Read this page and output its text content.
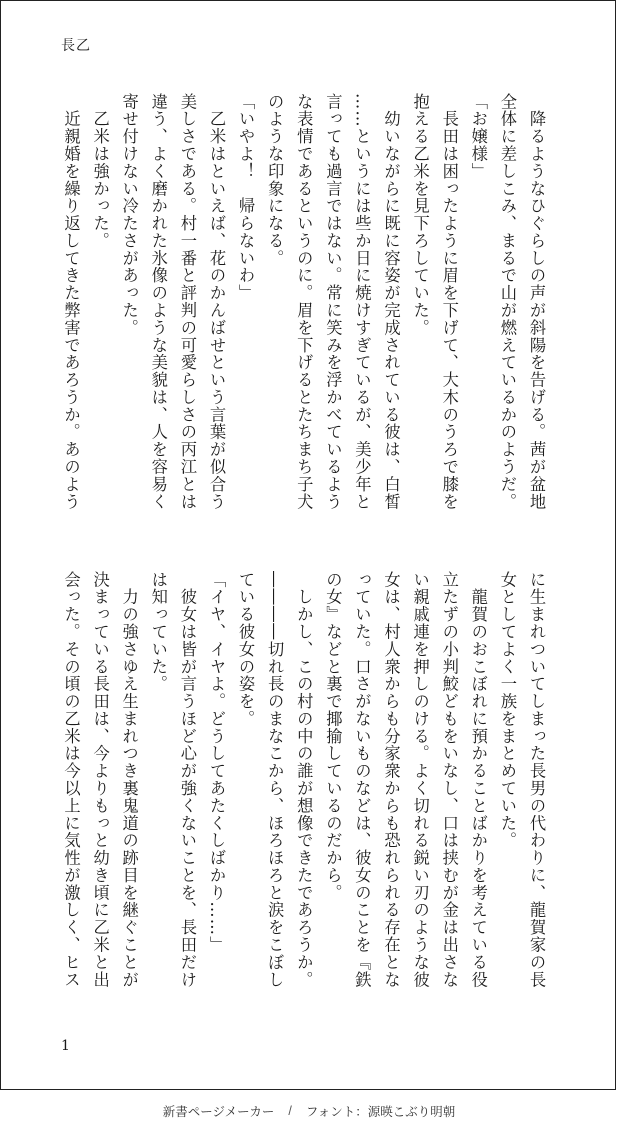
長乙
　降るようなひぐらしの声が斜陽を告げる。茜が盆地
全体に差しこみ、まるで山が燃えているかのようだ。
「お嬢様」
　長田は困ったように眉を下げて、大木のうろで膝を
抱える乙米を見下ろしていた。
　幼いながらに既に容姿が完成されている彼は、白皙
……というには些か日に焼けすぎているが、美少年と
言っても過言ではない。常に笑みを浮かべているよう
な表情であるというのに。眉を下げるとたちまち子犬
のような印象になる。
「いやよ！　帰らないわ」
　乙米はといえば、花のかんばせという言葉が似合う
美しさである。村一番と評判の可愛らしさの丙江とは
違う、よく磨かれた氷像のような美貌は、人を容易く
寄せ付けない冷たさがあった。
　乙米は強かった。
　近親婚を繰り返してきた弊害であろうか。あのよう
に生まれついてしまった長男の代わりに、龍賀家の長
女としてよく一族をまとめていた。
　龍賀のおこぼれに預かることばかりを考えている役
立たずの小判鮫どもをいなし、口は挟むが金は出さな
い親戚連を押しのける。よく切れる鋭い刃のような彼
女は、村人衆からも分家衆からも恐れられる存在とな
っていた。口さがないものなどは、彼女のことを『鉄
の女』などと裏で揶揄しているのだから。
　しかし、この村の中の誰が想像できたであろうか。
――――切れ長のまなこから、ほろほろと涙をこぼし
ている彼女の姿を。
「イヤ、イヤよ。どうしてあたくしばかり……」
　彼女は皆が言うほど心が強くないことを、長田だけ
は知っていた。
　力の強さゆえ生まれつき裏鬼道の跡目を継ぐことが
決まっている長田は、今よりもっと幼き頃に乙米と出
会った。その頃の乙米は今以上に気性が激しく、ヒス
1
新書ページメーカー / フォント：源暎こぶり明朝
